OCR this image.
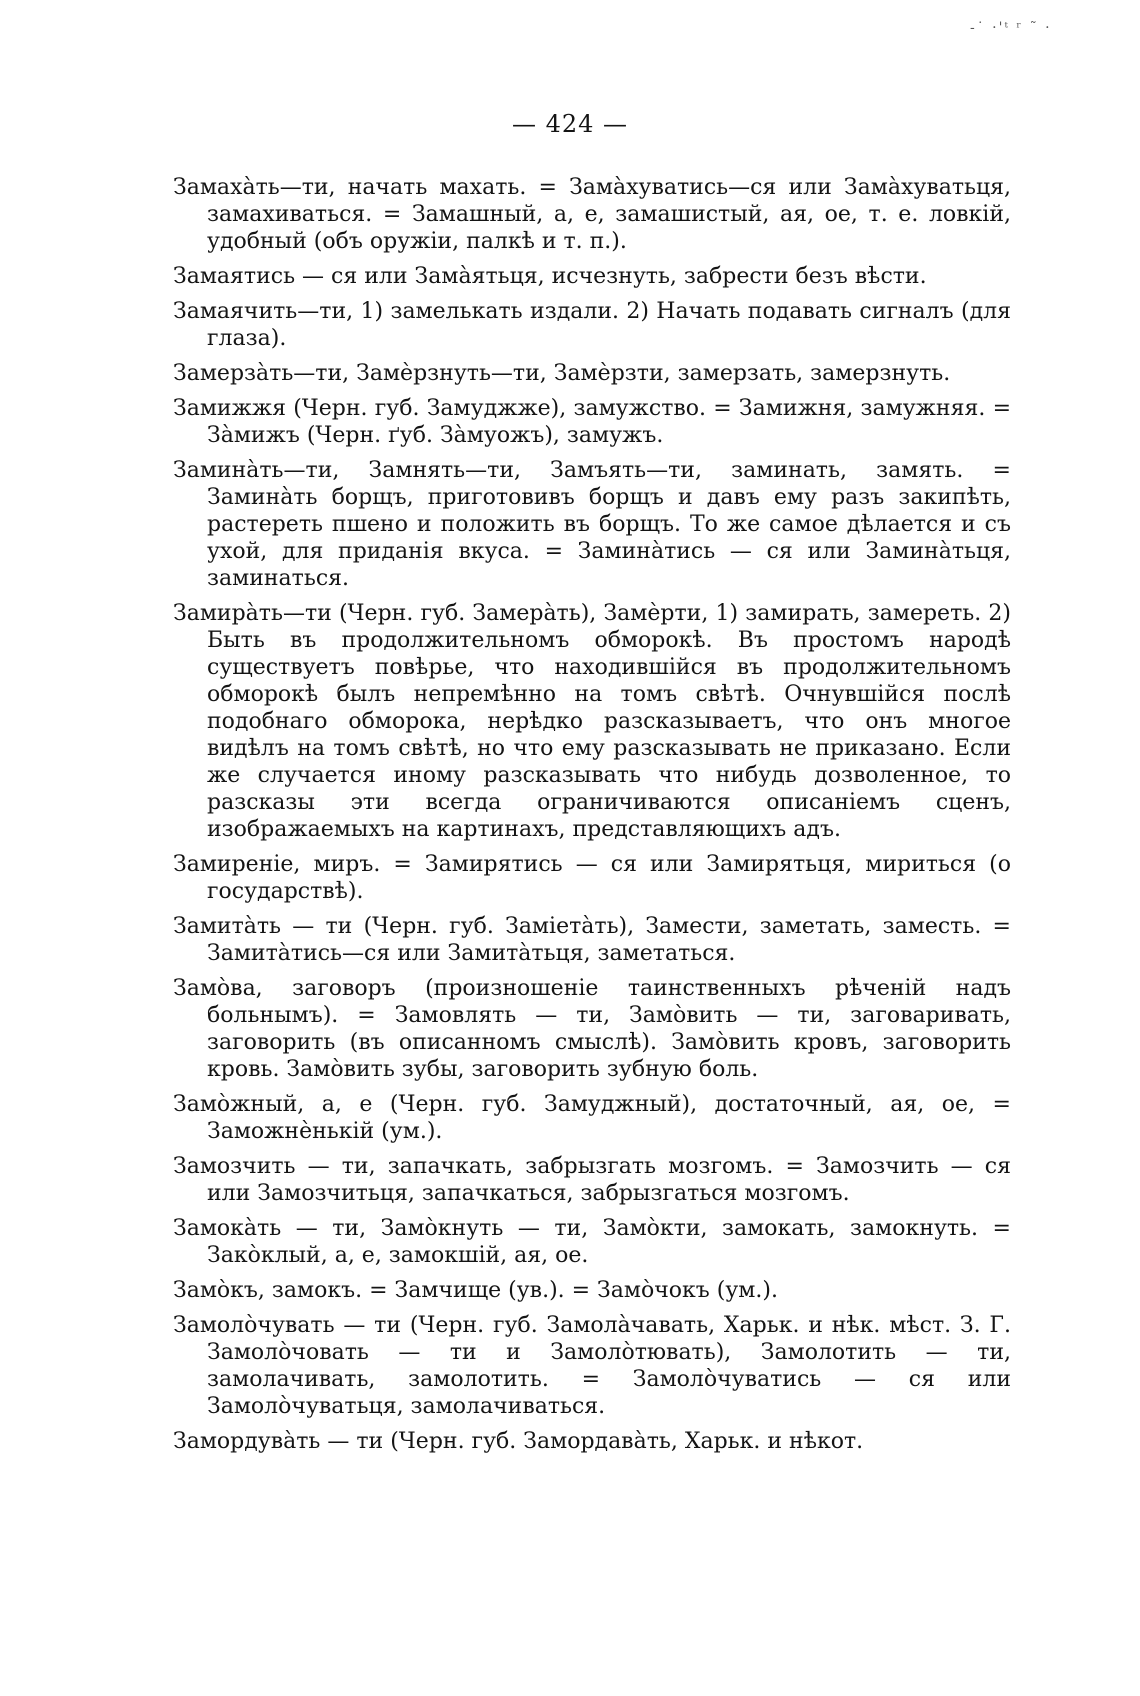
-˙ ·'ᵗ ʳ ˜ ·
— 424 —

Замахàть—ти, начать махать. = Замàхуватись—ся или Замàхуватьця, замахиваться. = Замашный, а, е, замашистый, ая, ое, т. е. ловкій, удобный (объ оружіи, палкѣ и т. п.).

Замаятись — ся или Замàятьця, исчезнуть, забрести безъ вѣсти.

Замаячить—ти, 1) замелькать издали. 2) Начать подавать сигналъ (для глаза).

Замерзàть—ти, Замѐрзнуть—ти, Замѐрзти, замерзать, замерзнуть.

Замижжя (Черн. губ. Замуджже), замужство. = Замижня, замужняя. = Зàмижъ (Черн. ґуб. Зàмуожъ), замужъ.

Заминàть—ти, Замнять—ти, Замъять—ти, заминать, замять. = Заминàть борщъ, приготовивъ борщъ и давъ ему разъ закипѣть, растереть пшено и положить въ борщъ. То же самое дѣлается и съ ухой, для приданія вкуса. = Заминàтись — ся или Заминàтьця, заминаться.

Замирàть—ти (Черн. губ. Замерàть), Замѐрти, 1) замирать, замереть. 2) Быть въ продолжительномъ обморокѣ. Въ простомъ народѣ существуетъ повѣрье, что находившійся въ продолжительномъ обморокѣ былъ непремѣнно на томъ свѣтѣ. Очнувшійся послѣ подобнаго обморока, нерѣдко разсказываетъ, что онъ многое видѣлъ на томъ свѣтѣ, но что ему разсказывать не приказано. Если же случается иному разсказывать что нибудь дозволенное, то разсказы эти всегда ограничиваются описаніемъ сценъ, изображаемыхъ на картинахъ, представляющихъ адъ.

Замиреніе, миръ. = Замирятись — ся или Замирятьця, мириться (о государствѣ).

Замитàть — ти (Черн. губ. Заміетàть), Замести, заметать, заместь. = Замитàтись—ся или Замитàтьця, заметаться.

Замòва, заговоръ (произношеніе таинственныхъ рѣченій надъ больнымъ). = Замовлять — ти, Замòвить — ти, заговаривать, заговорить (въ описанномъ смыслѣ). Замòвить кровъ, заговорить кровь. Замòвить зубы, заговорить зубную боль.

Замòжный, а, е (Черн. губ. Замуджный), достаточный, ая, ое, = Заможнѐнькій (ум.).

Замозчить — ти, запачкать, забрызгать мозгомъ. = Замозчить — ся или Замозчитьця, запачкаться, забрызгаться мозгомъ.

Замокàть — ти, Замòкнуть — ти, Замòкти, замокать, замокнуть. = Закòклый, а, е, замокшій, ая, ое.

Замòкъ, замокъ. = Замчище (ув.). = Замòчокъ (ум.).

Замолòчувать — ти (Черн. губ. Замолàчавать, Харьк. и нѣк. мѣст. З. Г. Замолòчовать — ти и Замолòтювать), Замолотить — ти, замолачивать, замолотить. = Замолòчуватись — ся или Замолòчуватьця, замолачиваться.

Замордувàть — ти (Черн. губ. Замордавàть, Харьк. и нѣкот.
